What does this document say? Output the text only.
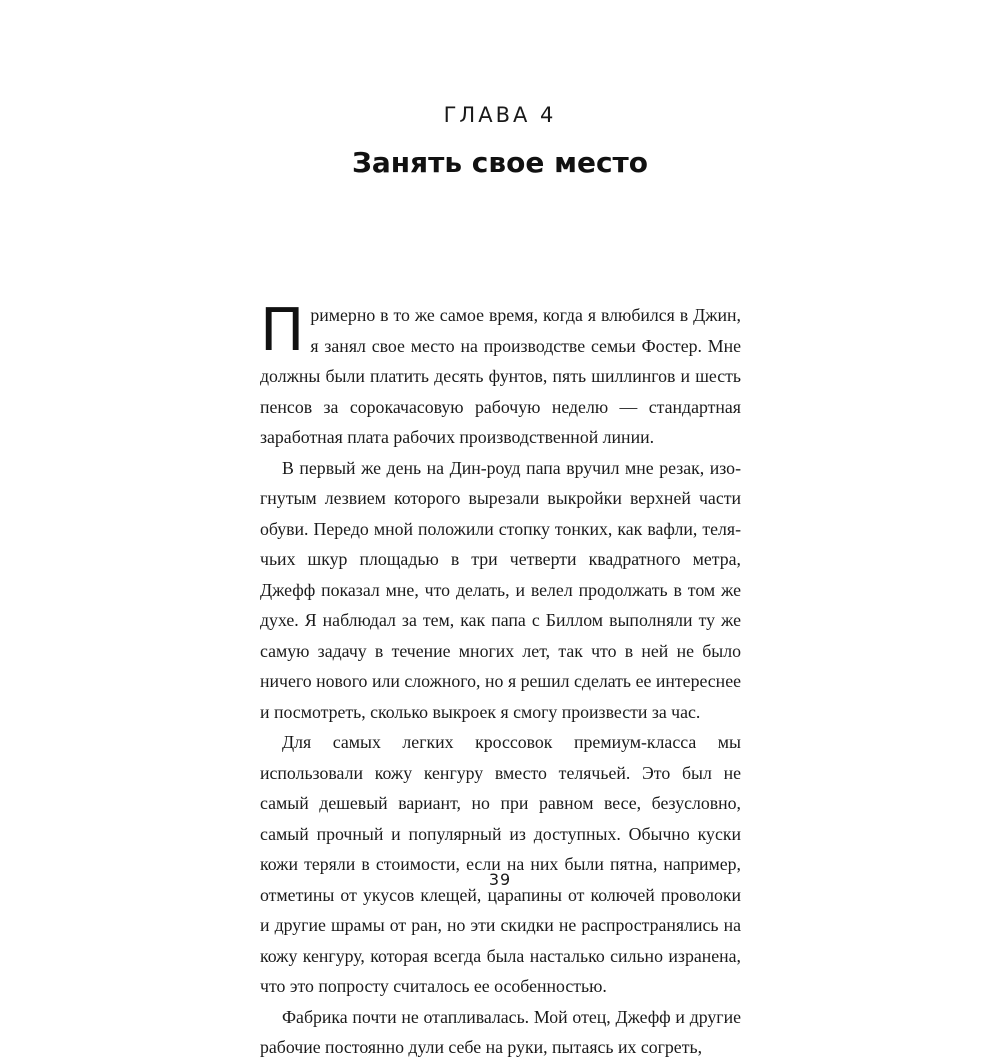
ГЛАВА 4
Занять свое место

Примерно в то же самое время, когда я влюбился в Джин, я занял свое место на производстве семьи Фостер. Мне должны были платить десять фунтов, пять шиллингов и шесть пенсов за сорокачасовую рабочую неделю — стандартная заработная плата рабочих производственной линии.

В первый же день на Дин-роуд папа вручил мне резак, изогнутым лезвием которого вырезали выкройки верхней части обуви. Передо мной положили стопку тонких, как вафли, телячьих шкур площадью в три четверти квадратного метра, Джефф показал мне, что делать, и велел продолжать в том же духе. Я наблюдал за тем, как папа с Биллом выполняли ту же самую задачу в течение многих лет, так что в ней не было ничего нового или сложного, но я решил сделать ее интереснее и посмотреть, сколько выкроек я смогу произвести за час.

Для самых легких кроссовок премиум-класса мы использовали кожу кенгуру вместо телячьей. Это был не самый дешевый вариант, но при равном весе, безусловно, самый прочный и популярный из доступных. Обычно куски кожи теряли в стоимости, если на них были пятна, например, отметины от укусов клещей, царапины от колючей проволоки и другие шрамы от ран, но эти скидки не распространялись на кожу кенгуру, которая всегда была насталько сильно изранена, что это попросту считалось ее особенностью.

Фабрика почти не отапливалась. Мой отец, Джефф и другие рабочие постоянно дули себе на руки, пытаясь их согреть,

39
